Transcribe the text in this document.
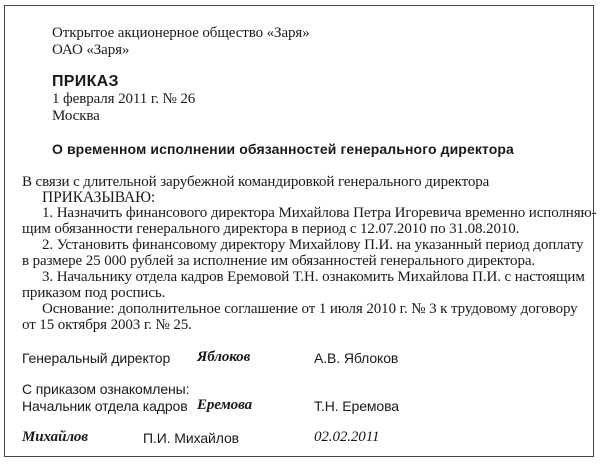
Открытое акционерное общество «Заря»
ОАО «Заря»
ПРИКАЗ
1 февраля 2011 г. № 26
Москва
О временном исполнении обязанностей генерального директора
В связи с длительной зарубежной командировкой генерального директора
ПРИКАЗЫВАЮ:
1. Назначить финансового директора Михайлова Петра Игоревича временно исполняю-
щим обязанности генерального директора в период с 12.07.2010 по 31.08.2010.
2. Установить финансовому директору Михайлову П.И. на указанный период доплату
в размере 25 000 рублей за исполнение им обязанностей генерального директора.
3. Начальнику отдела кадров Еремовой Т.Н. ознакомить Михайлова П.И. с настоящим
приказом под роспись.
Основание: дополнительное соглашение от 1 июля 2010 г. № 3 к трудовому договору
от 15 октября 2003 г. № 25.
Генеральный директор Яблоков	А.В. Яблоков
С приказом ознакомлены:
Начальник отдела кадров Еремова	Т.Н. Еремова
Михайлов	П.И. Михайлов	02.02.2011
